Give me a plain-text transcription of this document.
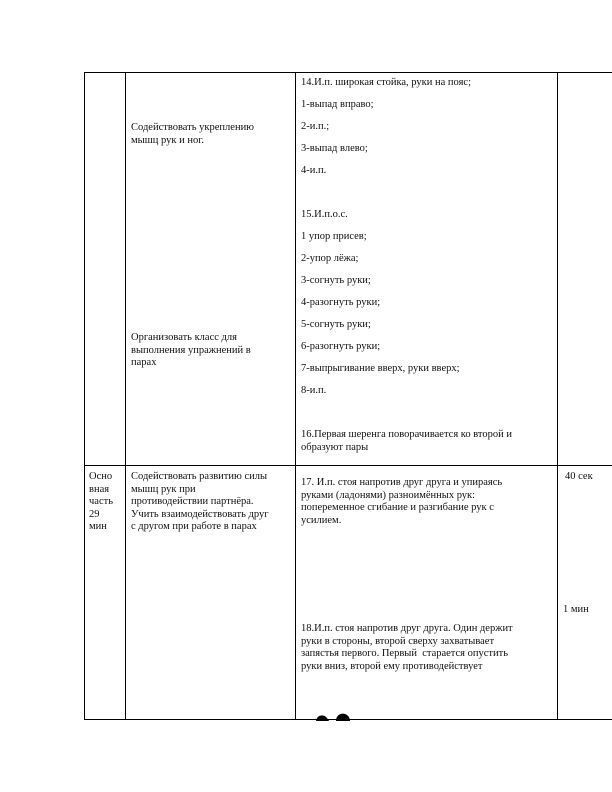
Содействовать укреплению
мышц рук и ног.
Организовать класс для
выполнения упражнений в
парах

14.И.п. широкая стойка, руки на пояс;

1-выпад вправо;

2-и.п.;

3-выпад влево;

4-и.п.

15.И.п.о.с.

1 упор присев;

2-упор лёжа;

3-согнуть руки;

4-разогнуть руки;

5-согнуть руки;

6-разогнуть руки;

7-выпрыгивание вверх, руки вверх;

8-и.п.

16.Первая шеренга поворачивается ко второй и
образуют пары
Осно
вная
часть
29
мин
Содействовать развитию силы
мышц рук при
противодействии партнёра.
Учить взаимодействовать друг
с другом при работе в парах
17. И.п. стоя напротив друг друга и упираясь
руками (ладонями) разноимённых рук:
попеременное сгибание и разгибание рук с
усилием.
40 сек
18.И.п. стоя напротив друг друга. Один держит
руки в стороны, второй сверху захватывает
запястья первого. Первый  старается опустить
руки вниз, второй ему противодействует
1 мин
